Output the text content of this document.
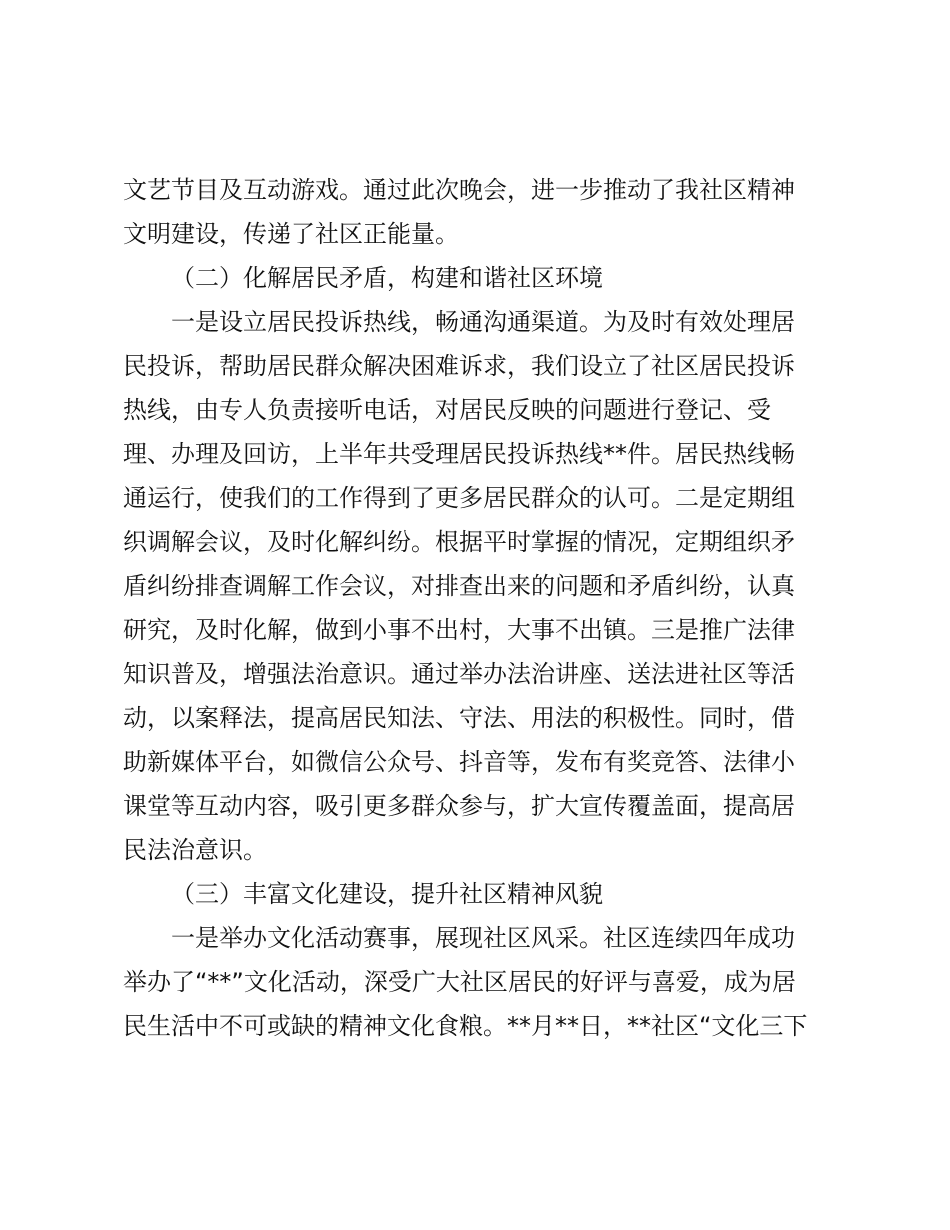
文艺节目及互动游戏。通过此次晚会，进一步推动了我社区精神
文明建设，传递了社区正能量。
（二）化解居民矛盾，构建和谐社区环境
一是设立居民投诉热线，畅通沟通渠道。为及时有效处理居
民投诉，帮助居民群众解决困难诉求，我们设立了社区居民投诉
热线，由专人负责接听电话，对居民反映的问题进行登记、受
理、办理及回访，上半年共受理居民投诉热线**件。居民热线畅
通运行，使我们的工作得到了更多居民群众的认可。二是定期组
织调解会议，及时化解纠纷。根据平时掌握的情况，定期组织矛
盾纠纷排查调解工作会议，对排查出来的问题和矛盾纠纷，认真
研究，及时化解，做到小事不出村，大事不出镇。三是推广法律
知识普及，增强法治意识。通过举办法治讲座、送法进社区等活
动，以案释法，提高居民知法、守法、用法的积极性。同时，借
助新媒体平台，如微信公众号、抖音等，发布有奖竞答、法律小
课堂等互动内容，吸引更多群众参与，扩大宣传覆盖面，提高居
民法治意识。
（三）丰富文化建设，提升社区精神风貌
一是举办文化活动赛事，展现社区风采。社区连续四年成功
举办了“**”文化活动，深受广大社区居民的好评与喜爱，成为居
民生活中不可或缺的精神文化食粮。**月**日，**社区“文化三下
